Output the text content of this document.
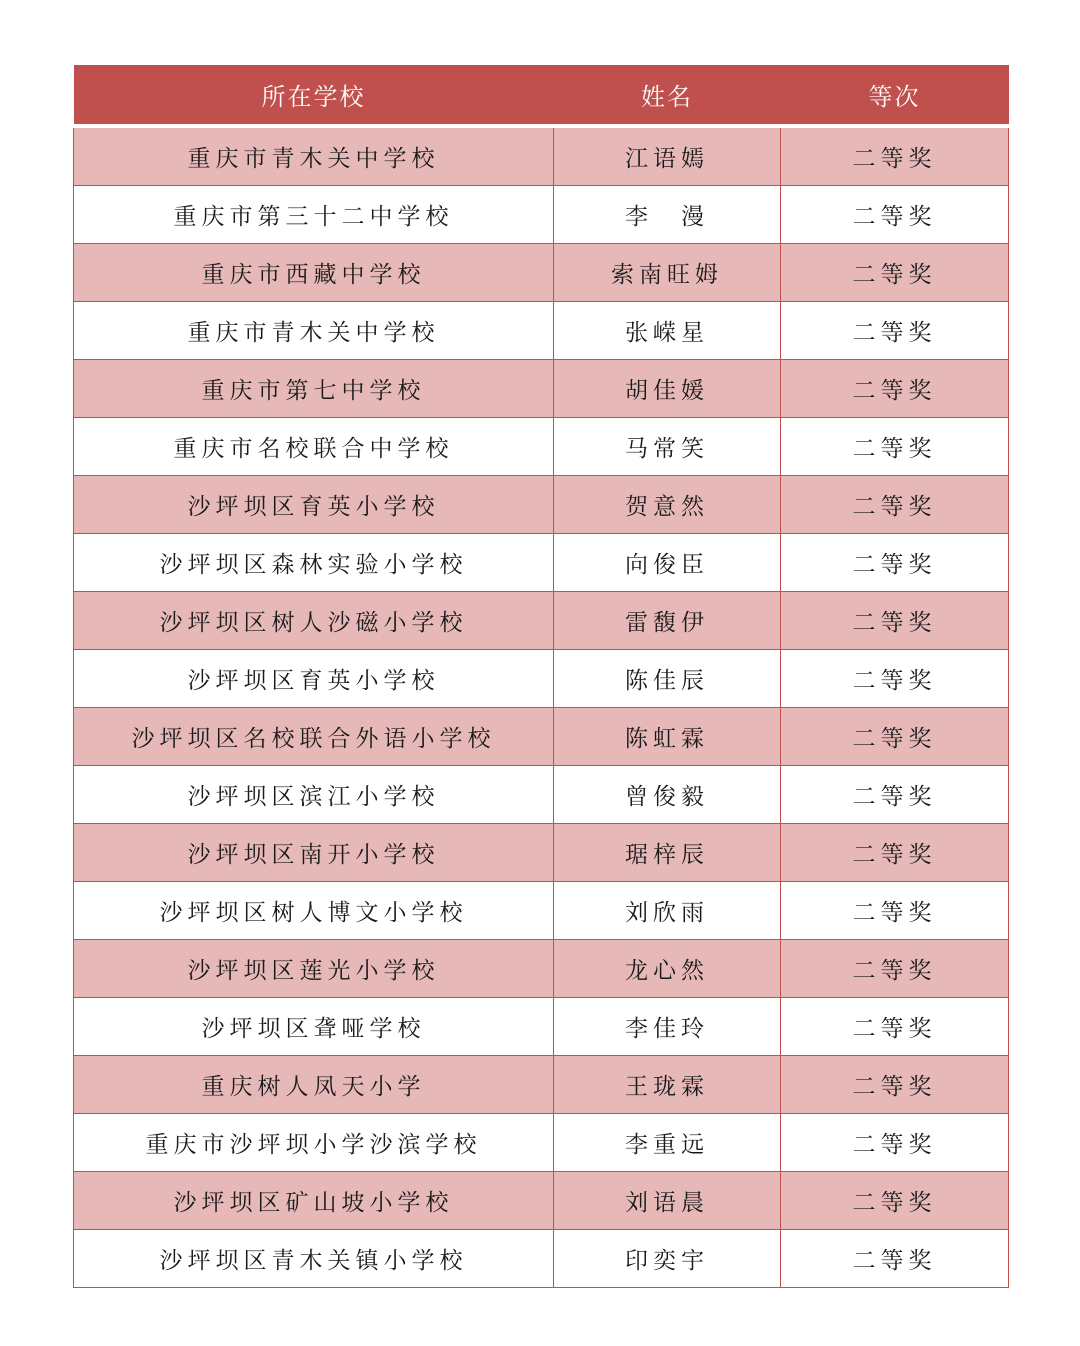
所在学校	姓名	等次
重庆市青木关中学校	江语嫣	二等奖
重庆市第三十二中学校	李　漫	二等奖
重庆市西藏中学校	索南旺姆	二等奖
重庆市青木关中学校	张嵘星	二等奖
重庆市第七中学校	胡佳媛	二等奖
重庆市名校联合中学校	马常笑	二等奖
沙坪坝区育英小学校	贺意然	二等奖
沙坪坝区森林实验小学校	向俊臣	二等奖
沙坪坝区树人沙磁小学校	雷馥伊	二等奖
沙坪坝区育英小学校	陈佳辰	二等奖
沙坪坝区名校联合外语小学校	陈虹霖	二等奖
沙坪坝区滨江小学校	曾俊毅	二等奖
沙坪坝区南开小学校	琚梓辰	二等奖
沙坪坝区树人博文小学校	刘欣雨	二等奖
沙坪坝区莲光小学校	龙心然	二等奖
沙坪坝区聋哑学校	李佳玲	二等奖
重庆树人凤天小学	王珑霖	二等奖
重庆市沙坪坝小学沙滨学校	李重远	二等奖
沙坪坝区矿山坡小学校	刘语晨	二等奖
沙坪坝区青木关镇小学校	印奕宇	二等奖
